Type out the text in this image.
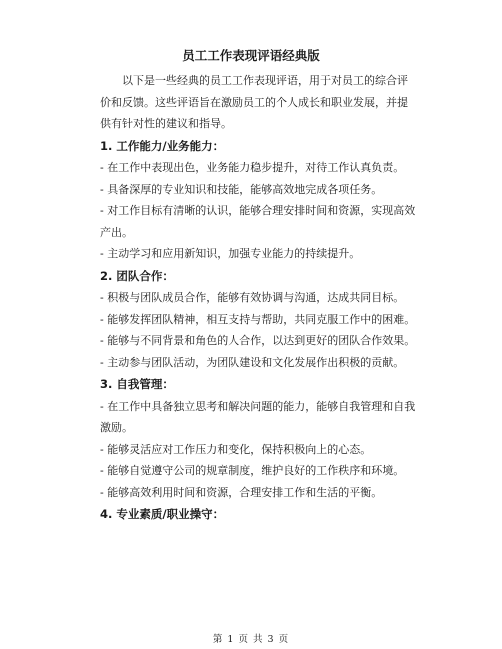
员工工作表现评语经典版

以下是一些经典的员工工作表现评语，用于对员工的综合评价和反馈。这些评语旨在激励员工的个人成长和职业发展，并提供有针对性的建议和指导。

1. 工作能力/业务能力：

- 在工作中表现出色，业务能力稳步提升，对待工作认真负责。

- 具备深厚的专业知识和技能，能够高效地完成各项任务。

- 对工作目标有清晰的认识，能够合理安排时间和资源，实现高效产出。

- 主动学习和应用新知识，加强专业能力的持续提升。

2. 团队合作：

- 积极与团队成员合作，能够有效协调与沟通，达成共同目标。

- 能够发挥团队精神，相互支持与帮助，共同克服工作中的困难。

- 能够与不同背景和角色的人合作，以达到更好的团队合作效果。

- 主动参与团队活动，为团队建设和文化发展作出积极的贡献。

3. 自我管理：

- 在工作中具备独立思考和解决问题的能力，能够自我管理和自我激励。

- 能够灵活应对工作压力和变化，保持积极向上的心态。

- 能够自觉遵守公司的规章制度，维护良好的工作秩序和环境。

- 能够高效利用时间和资源，合理安排工作和生活的平衡。

4. 专业素质/职业操守：

第 1 页 共 3 页
